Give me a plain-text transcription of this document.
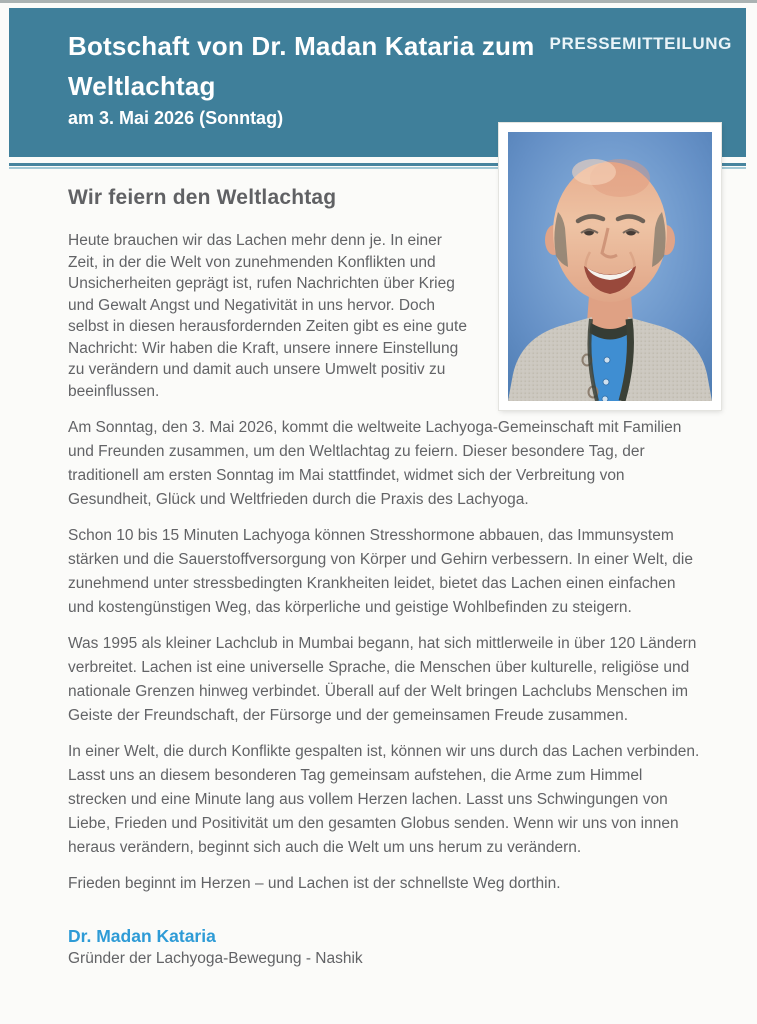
Botschaft von Dr. Madan Kataria zum
Weltlachtag
am 3. Mai 2026 (Sonntag)
PRESSEMITTEILUNG
Wir feiern den Weltlachtag

Heute brauchen wir das Lachen mehr denn je. In einer Zeit, in der die Welt von zunehmenden Konflikten und Unsicherheiten geprägt ist, rufen Nachrichten über Krieg und Gewalt Angst und Negativität in uns hervor. Doch selbst in diesen herausfordernden Zeiten gibt es eine gute Nachricht: Wir haben die Kraft, unsere innere Einstellung zu verändern und damit auch unsere Umwelt positiv zu beeinflussen.

Am Sonntag, den 3. Mai 2026, kommt die weltweite Lachyoga-Gemeinschaft mit Familien und Freunden zusammen, um den Weltlachtag zu feiern. Dieser besondere Tag, der traditionell am ersten Sonntag im Mai stattfindet, widmet sich der Verbreitung von Gesundheit, Glück und Weltfrieden durch die Praxis des Lachyoga.

Schon 10 bis 15 Minuten Lachyoga können Stresshormone abbauen, das Immunsystem stärken und die Sauerstoffversorgung von Körper und Gehirn verbessern. In einer Welt, die zunehmend unter stressbedingten Krankheiten leidet, bietet das Lachen einen einfachen und kostengünstigen Weg, das körperliche und geistige Wohlbefinden zu steigern.

Was 1995 als kleiner Lachclub in Mumbai begann, hat sich mittlerweile in über 120 Ländern verbreitet. Lachen ist eine universelle Sprache, die Menschen über kulturelle, religiöse und nationale Grenzen hinweg verbindet. Überall auf der Welt bringen Lachclubs Menschen im Geiste der Freundschaft, der Fürsorge und der gemeinsamen Freude zusammen.

In einer Welt, die durch Konflikte gespalten ist, können wir uns durch das Lachen verbinden. Lasst uns an diesem besonderen Tag gemeinsam aufstehen, die Arme zum Himmel strecken und eine Minute lang aus vollem Herzen lachen. Lasst uns Schwingungen von Liebe, Frieden und Positivität um den gesamten Globus senden. Wenn wir uns von innen heraus verändern, beginnt sich auch die Welt um uns herum zu verändern.

Frieden beginnt im Herzen – und Lachen ist der schnellste Weg dorthin.

Dr. Madan Kataria

Gründer der Lachyoga-Bewegung - Nashik
